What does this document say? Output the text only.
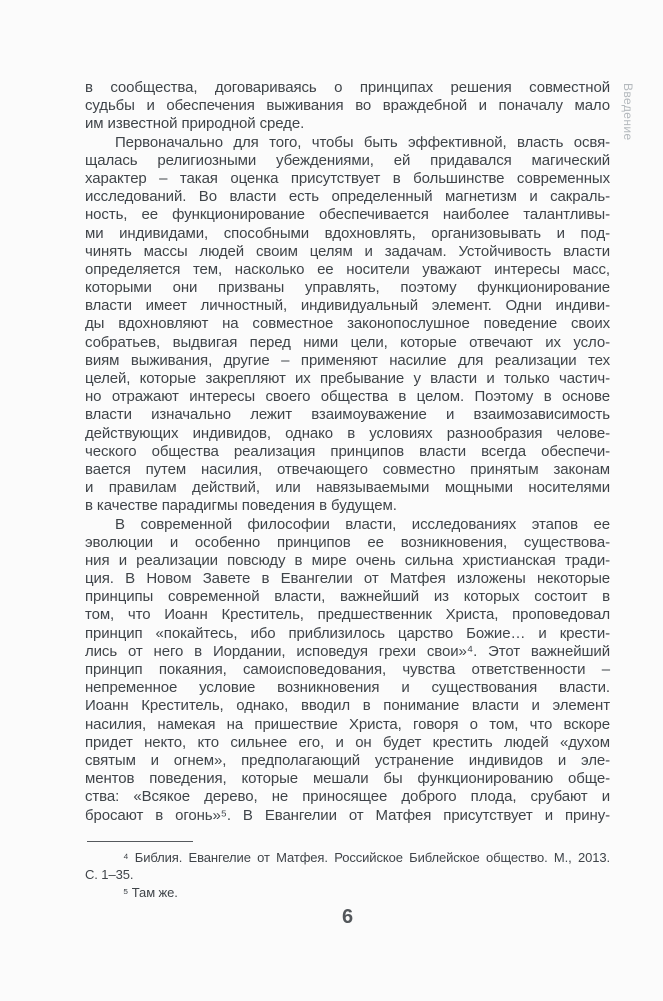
Введение
в сообщества, договариваясь о принципах решения совместной
судьбы и обеспечения выживания во враждебной и поначалу мало
им известной природной среде.
Первоначально для того, чтобы быть эффективной, власть освя-
щалась религиозными убеждениями, ей придавался магический
характер – такая оценка присутствует в большинстве современных
исследований. Во власти есть определенный магнетизм и сакраль-
ность, ее функционирование обеспечивается наиболее талантливы-
ми индивидами, способными вдохновлять, организовывать и под-
чинять массы людей своим целям и задачам. Устойчивость власти
определяется тем, насколько ее носители уважают интересы масс,
которыми они призваны управлять, поэтому функционирование
власти имеет личностный, индивидуальный элемент. Одни индиви-
ды вдохновляют на совместное законопослушное поведение своих
собратьев, выдвигая перед ними цели, которые отвечают их усло-
виям выживания, другие – применяют насилие для реализации тех
целей, которые закрепляют их пребывание у власти и только частич-
но отражают интересы своего общества в целом. Поэтому в основе
власти изначально лежит взаимоуважение и взаимозависимость
действующих индивидов, однако в условиях разнообразия челове-
ческого общества реализация принципов власти всегда обеспечи-
вается путем насилия, отвечающего совместно принятым законам
и правилам действий, или навязываемыми мощными носителями
в качестве парадигмы поведения в будущем.
В современной философии власти, исследованиях этапов ее
эволюции и особенно принципов ее возникновения, существова-
ния и реализации повсюду в мире очень сильна христианская тради-
ция. В Новом Завете в Евангелии от Матфея изложены некоторые
принципы современной власти, важнейший из которых состоит в
том, что Иоанн Креститель, предшественник Христа, проповедовал
принцип «покайтесь, ибо приблизилось царство Божие… и крести-
лись от него в Иордании, исповедуя грехи свои»⁴. Этот важнейший
принцип покаяния, самоисповедования, чувства ответственности –
непременное условие возникновения и существования власти.
Иоанн Креститель, однако, вводил в понимание власти и элемент
насилия, намекая на пришествие Христа, говоря о том, что вскоре
придет некто, кто сильнее его, и он будет крестить людей «духом
святым и огнем», предполагающий устранение индивидов и эле-
ментов поведения, которые мешали бы функционированию обще-
ства: «Всякое дерево, не приносящее доброго плода, срубают и
бросают в огонь»⁵. В Евангелии от Матфея присутствует и прину-
⁴ Библия. Евангелие от Матфея. Российское Библейское общество. М., 2013.
С. 1–35.
⁵ Там же.
6
